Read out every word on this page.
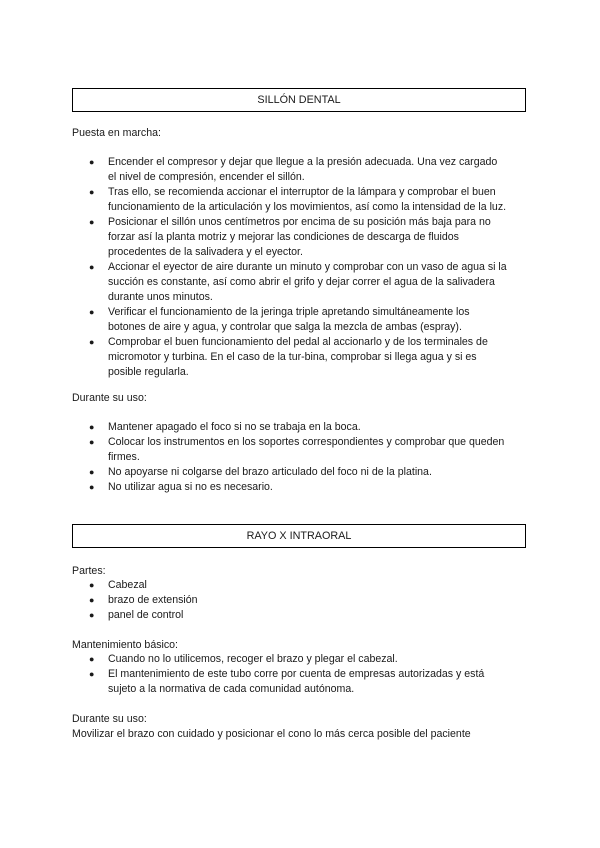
SILLÓN DENTAL
Puesta en marcha:
● Encender el compresor y dejar que llegue a la presión adecuada. Una vez cargado
el nivel de compresión, encender el sillón.
● Tras ello, se recomienda accionar el interruptor de la lámpara y comprobar el buen
funcionamiento de la articulación y los movimientos, así como la intensidad de la luz.
● Posicionar el sillón unos centímetros por encima de su posición más baja para no
forzar así la planta motriz y mejorar las condiciones de descarga de fluidos
procedentes de la salivadera y el eyector.
● Accionar el eyector de aire durante un minuto y comprobar con un vaso de agua si la
succión es constante, así como abrir el grifo y dejar correr el agua de la salivadera
durante unos minutos.
● Verificar el funcionamiento de la jeringa triple apretando simultáneamente los
botones de aire y agua, y controlar que salga la mezcla de ambas (espray).
● Comprobar el buen funcionamiento del pedal al accionarlo y de los terminales de
micromotor y turbina. En el caso de la tur-bina, comprobar si llega agua y si es
posible regularla.
Durante su uso:
● Mantener apagado el foco si no se trabaja en la boca.
● Colocar los instrumentos en los soportes correspondientes y comprobar que queden
firmes.
● No apoyarse ni colgarse del brazo articulado del foco ni de la platina.
● No utilizar agua si no es necesario.
RAYO X INTRAORAL
Partes:
● Cabezal
● brazo de extensión
● panel de control
Mantenimiento básico:
● Cuando no lo utilicemos, recoger el brazo y plegar el cabezal.
● El mantenimiento de este tubo corre por cuenta de empresas autorizadas y está
sujeto a la normativa de cada comunidad autónoma.
Durante su uso:
Movilizar el brazo con cuidado y posicionar el cono lo más cerca posible del paciente
